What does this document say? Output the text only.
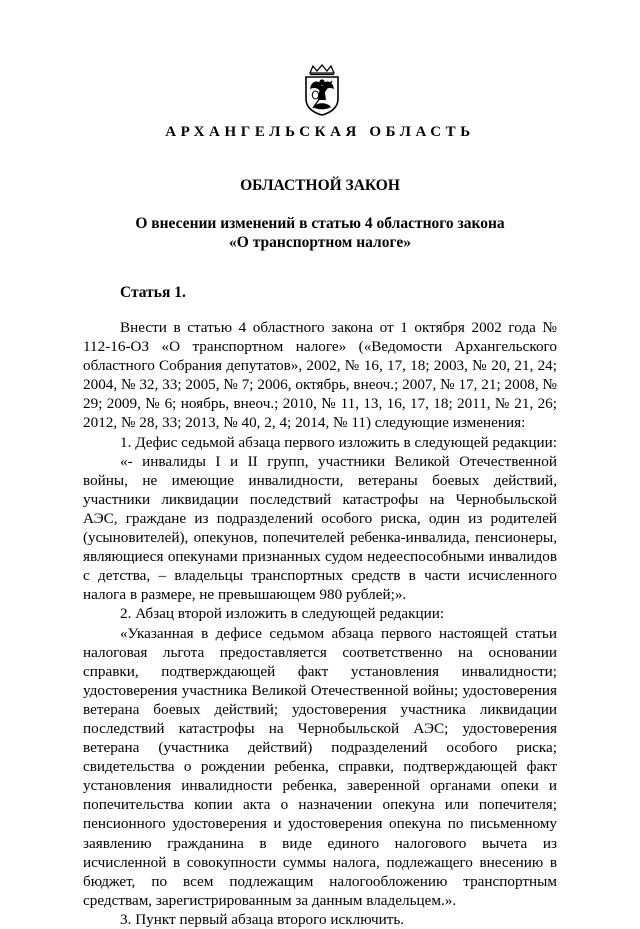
АРХАНГЕЛЬСКАЯ ОБЛАСТЬ
ОБЛАСТНОЙ ЗАКОН
О внесении изменений в статью 4 областного закона
«О транспортном налоге»
Статья 1.

Внести в статью 4 областного закона от 1 октября 2002 года № 112-16-ОЗ «О транспортном налоге» («Ведомости Архангельского областного Собрания депутатов», 2002, № 16, 17, 18; 2003, № 20, 21, 24; 2004, № 32, 33; 2005, № 7; 2006, октябрь, внеоч.; 2007, № 17, 21; 2008, № 29; 2009, № 6; ноябрь, внеоч.; 2010, № 11, 13, 16, 17, 18; 2011, № 21, 26; 2012, № 28, 33; 2013, № 40, 2, 4; 2014, № 11) следующие изменения:

1. Дефис седьмой абзаца первого изложить в следующей редакции:

«- инвалиды I и II групп, участники Великой Отечественной войны, не имеющие инвалидности, ветераны боевых действий, участники ликвидации последствий катастрофы на Чернобыльской АЭС, граждане из подразделений особого риска, один из родителей (усыновителей), опекунов, попечителей ребенка-инвалида, пенсионеры, являющиеся опекунами признанных судом недееспособными инвалидов с детства, – владельцы транспортных средств в части исчисленного налога в размере, не превышающем 980 рублей;».

2. Абзац второй изложить в следующей редакции:

«Указанная в дефисе седьмом абзаца первого настоящей статьи налоговая льгота предоставляется соответственно на основании справки, подтверждающей факт установления инвалидности; удостоверения участника Великой Отечественной войны; удостоверения ветерана боевых действий; удостоверения участника ликвидации последствий катастрофы на Чернобыльской АЭС; удостоверения ветерана (участника действий) подразделений особого риска; свидетельства о рождении ребенка, справки, подтверждающей факт установления инвалидности ребенка, заверенной органами опеки и попечительства копии акта о назначении опекуна или попечителя; пенсионного удостоверения и удостоверения опекуна по письменному заявлению гражданина в виде единого налогового вычета из исчисленной в совокупности суммы налога, подлежащего внесению в бюджет, по всем подлежащим налогообложению транспортным средствам, зарегистрированным за данным владельцем.».

3. Пункт первый абзаца второго исключить.
